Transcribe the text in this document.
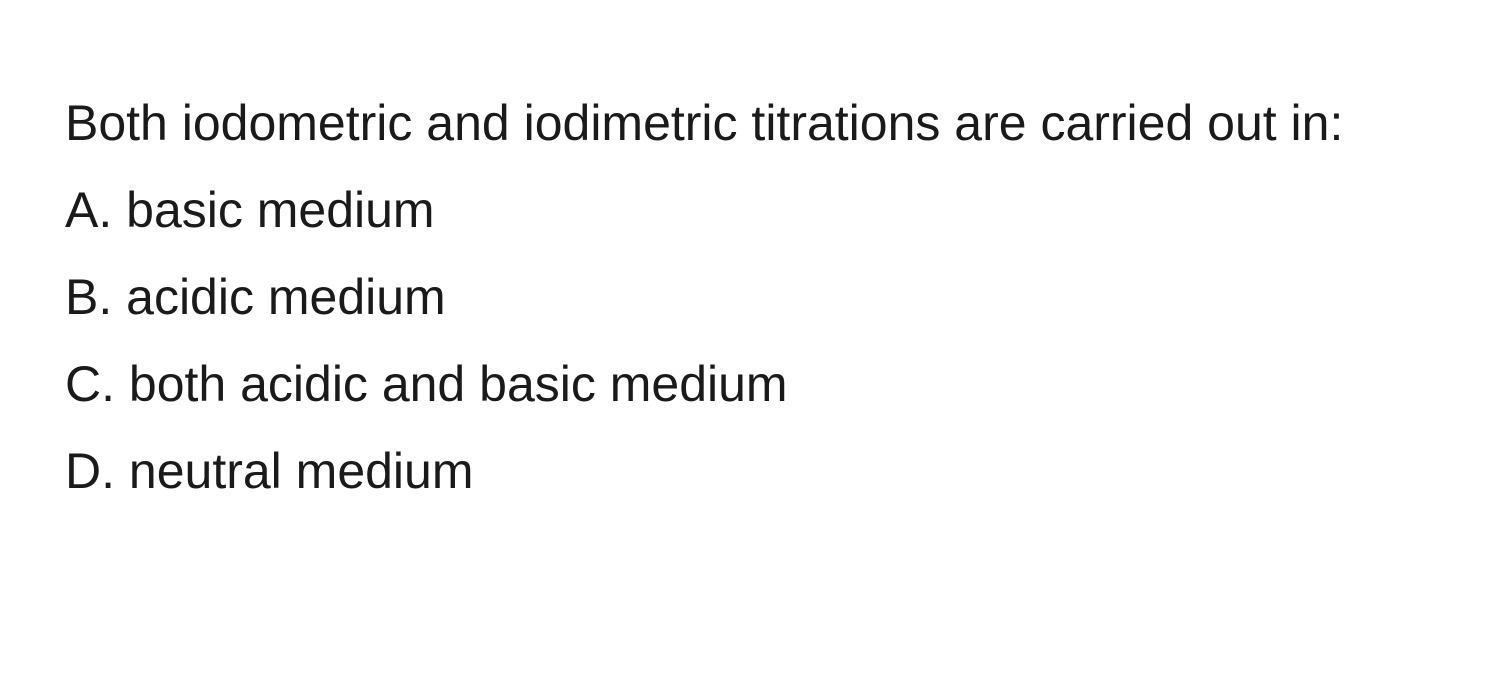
Both iodometric and iodimetric titrations are carried out in:

A. basic medium

B. acidic medium

C. both acidic and basic medium

D. neutral medium
